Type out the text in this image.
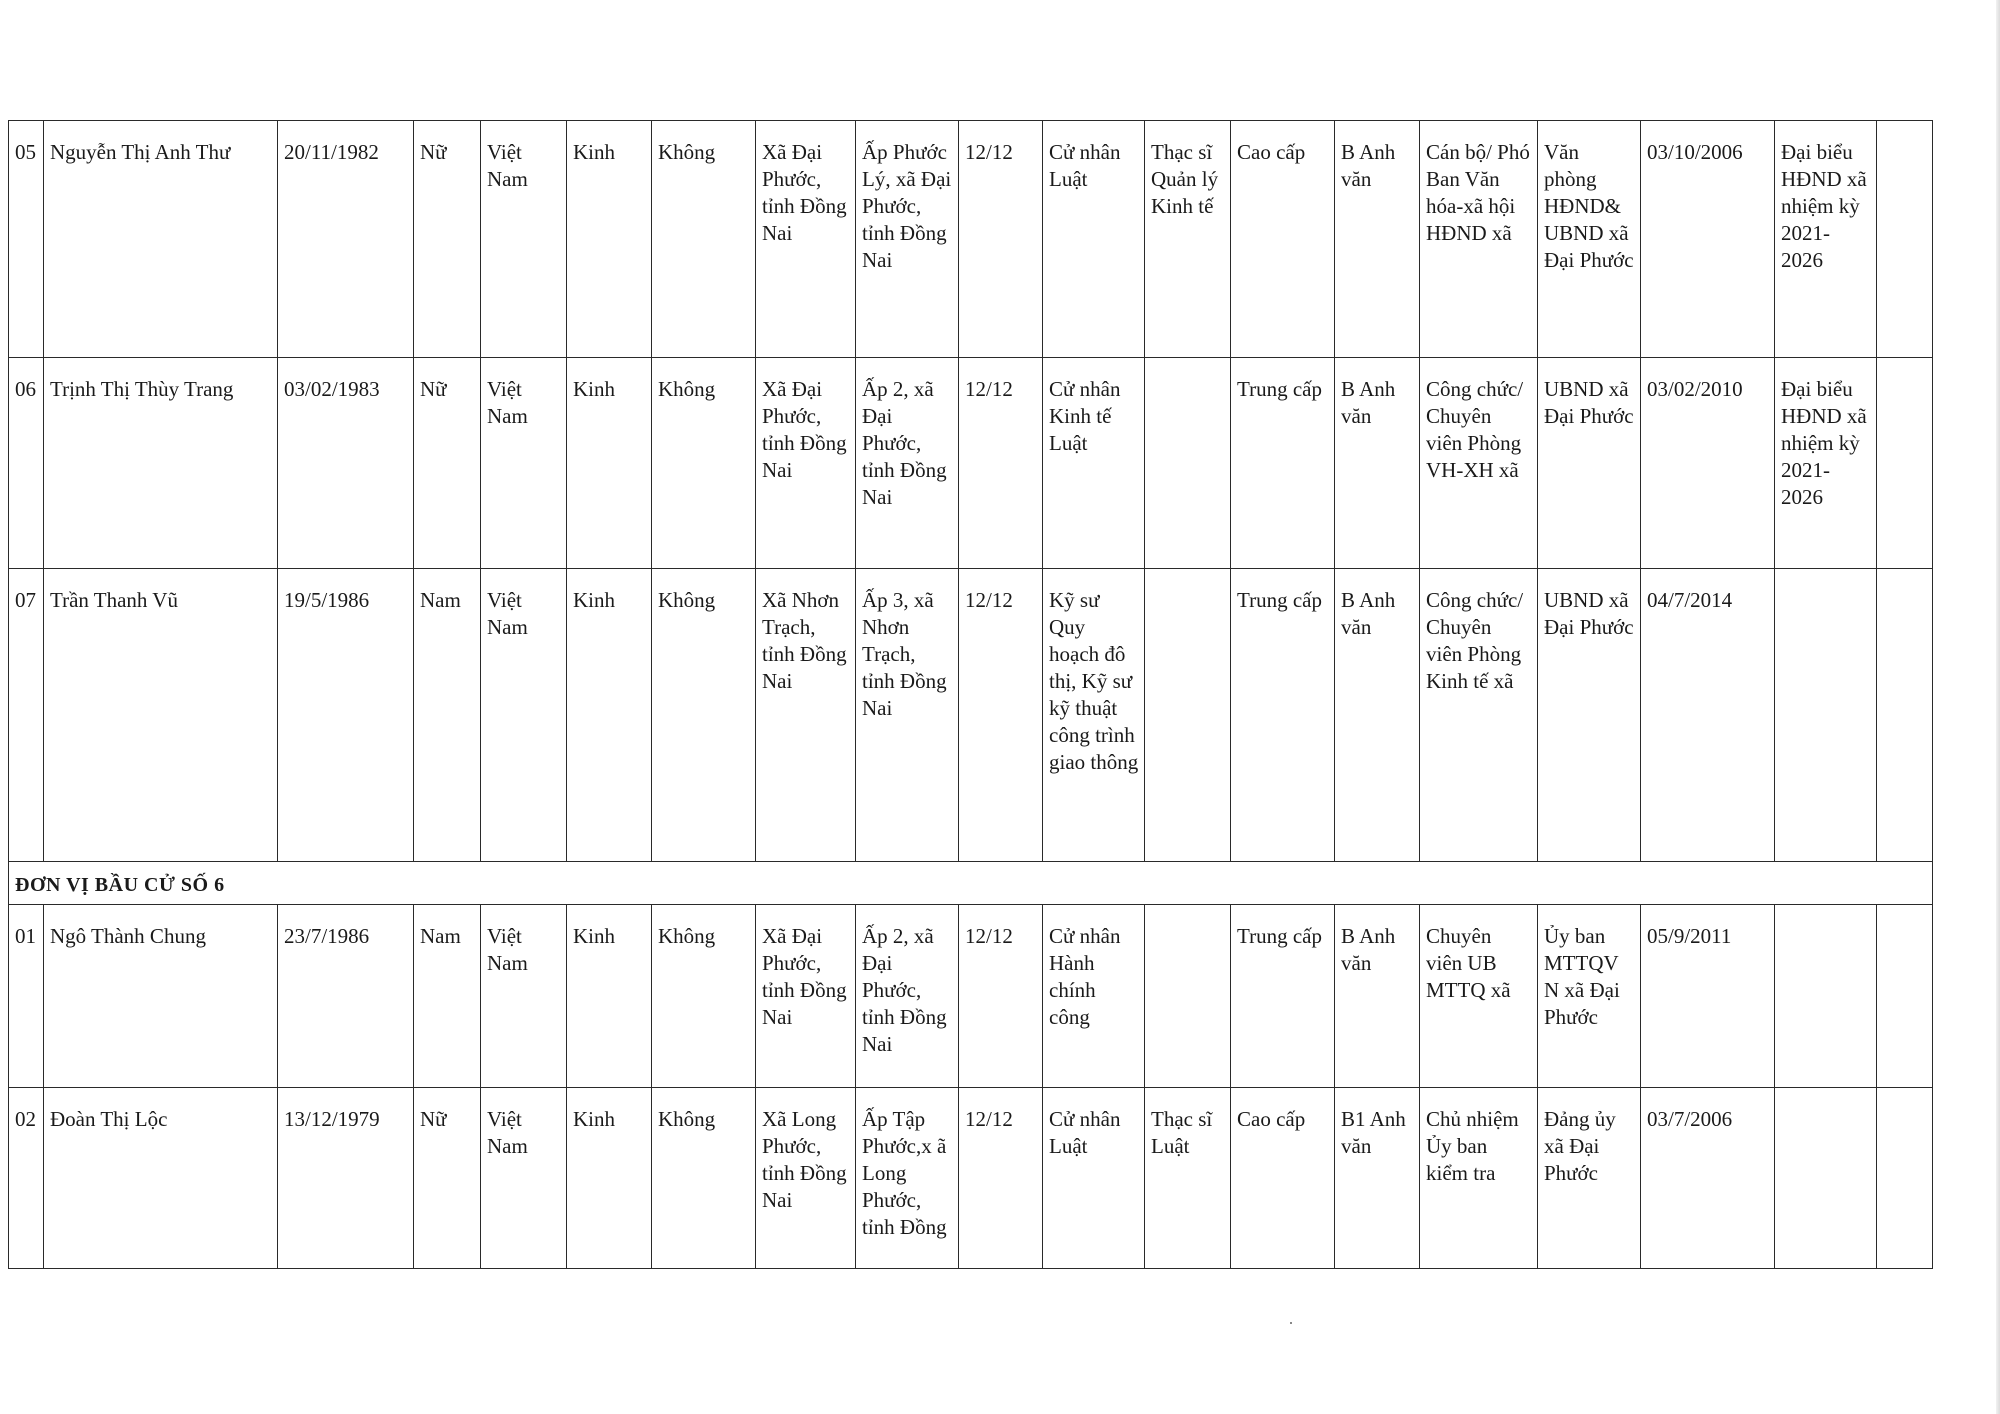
05	Nguyễn Thị Anh Thư	20/11/1982	Nữ	Việt Nam	Kinh	Không	Xã Đại Phước, tỉnh Đồng Nai	Ấp Phước Lý, xã Đại Phước, tỉnh Đồng Nai	12/12	Cử nhân Luật	Thạc sĩ Quản lý Kinh tế	Cao cấp	B Anh văn	Cán bộ/ Phó Ban Văn hóa-xã hội HĐND xã	Văn phòng HĐND& UBND xã Đại Phước	03/10/2006	Đại biểu HĐND xã nhiệm kỳ 2021-2026	
06	Trịnh Thị Thùy Trang	03/02/1983	Nữ	Việt Nam	Kinh	Không	Xã Đại Phước, tỉnh Đồng Nai	Ấp 2, xã Đại Phước, tỉnh Đồng Nai	12/12	Cử nhân Kinh tế Luật		Trung cấp	B Anh văn	Công chức/ Chuyên viên Phòng VH-XH xã	UBND xã Đại Phước	03/02/2010	Đại biểu HĐND xã nhiệm kỳ 2021-2026	
07	Trần Thanh Vũ	19/5/1986	Nam	Việt Nam	Kinh	Không	Xã Nhơn Trạch, tỉnh Đồng Nai	Ấp 3, xã Nhơn Trạch, tỉnh Đồng Nai	12/12	Kỹ sư Quy hoạch đô thị, Kỹ sư kỹ thuật công trình giao thông		Trung cấp	B Anh văn	Công chức/ Chuyên viên Phòng Kinh tế xã	UBND xã Đại Phước	04/7/2014		
ĐƠN VỊ BẦU CỬ SỐ 6																		
01	Ngô Thành Chung	23/7/1986	Nam	Việt Nam	Kinh	Không	Xã Đại Phước, tỉnh Đồng Nai	Ấp 2, xã Đại Phước, tỉnh Đồng Nai	12/12	Cử nhân Hành chính công		Trung cấp	B Anh văn	Chuyên viên UB MTTQ xã	Ủy ban MTTQV N xã Đại Phước	05/9/2011		
02	Đoàn Thị Lộc	13/12/1979	Nữ	Việt Nam	Kinh	Không	Xã Long Phước, tỉnh Đồng Nai	Ấp Tập Phước,x ã Long Phước, tỉnh Đồng	12/12	Cử nhân Luật	Thạc sĩ Luật	Cao cấp	B1 Anh văn	Chủ nhiệm Ủy ban kiểm tra	Đảng ủy xã Đại Phước	03/7/2006		
